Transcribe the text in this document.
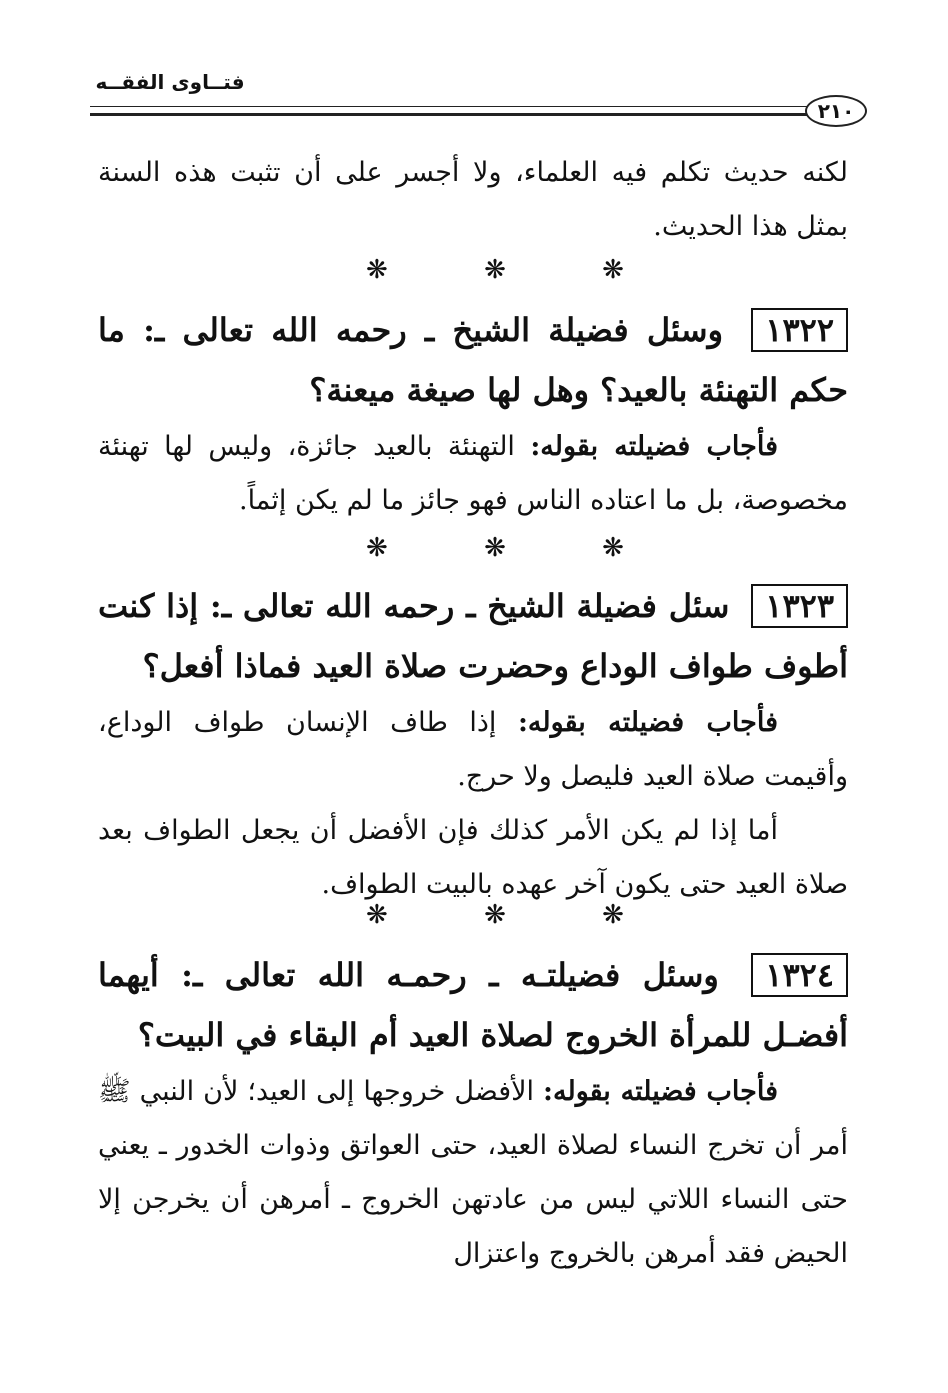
فتــاوى الفقــه
٢١٠

لكنه حديث تكلم فيه العلماء، ولا أجسر على أن تثبت هذه السنة بمثل هذا الحديث.

❋ ❋ ❋

١٣٢٢ وسئل فضيلة الشيخ ـ رحمه الله تعالى ـ: ما حكم التهنئة بالعيد؟ وهل لها صيغة ميعنة؟

فأجاب فضيلته بقوله: التهنئة بالعيد جائزة، وليس لها تهنئة مخصوصة، بل ما اعتاده الناس فهو جائز ما لم يكن إثماً.

❋ ❋ ❋

١٣٢٣ سئل فضيلة الشيخ ـ رحمه الله تعالى ـ: إذا كنت أطوف طواف الوداع وحضرت صلاة العيد فماذا أفعل؟

فأجاب فضيلته بقوله: إذا طاف الإنسان طواف الوداع، وأقيمت صلاة العيد فليصل ولا حرج.

أما إذا لم يكن الأمر كذلك فإن الأفضل أن يجعل الطواف بعد صلاة العيد حتى يكون آخر عهده بالبيت الطواف.

❋ ❋ ❋

١٣٢٤ وسئل فضيلتـه ـ رحمـه الله تعالى ـ: أيهما أفضـل للمرأة الخروج لصلاة العيد أم البقاء في البيت؟

فأجاب فضيلته بقوله: الأفضل خروجها إلى العيد؛ لأن النبي ﷺ أمر أن تخرج النساء لصلاة العيد، حتى العواتق وذوات الخدور ـ يعني حتى النساء اللاتي ليس من عادتهن الخروج ـ أمرهن أن يخرجن إلا الحيض فقد أمرهن بالخروج واعتزال
